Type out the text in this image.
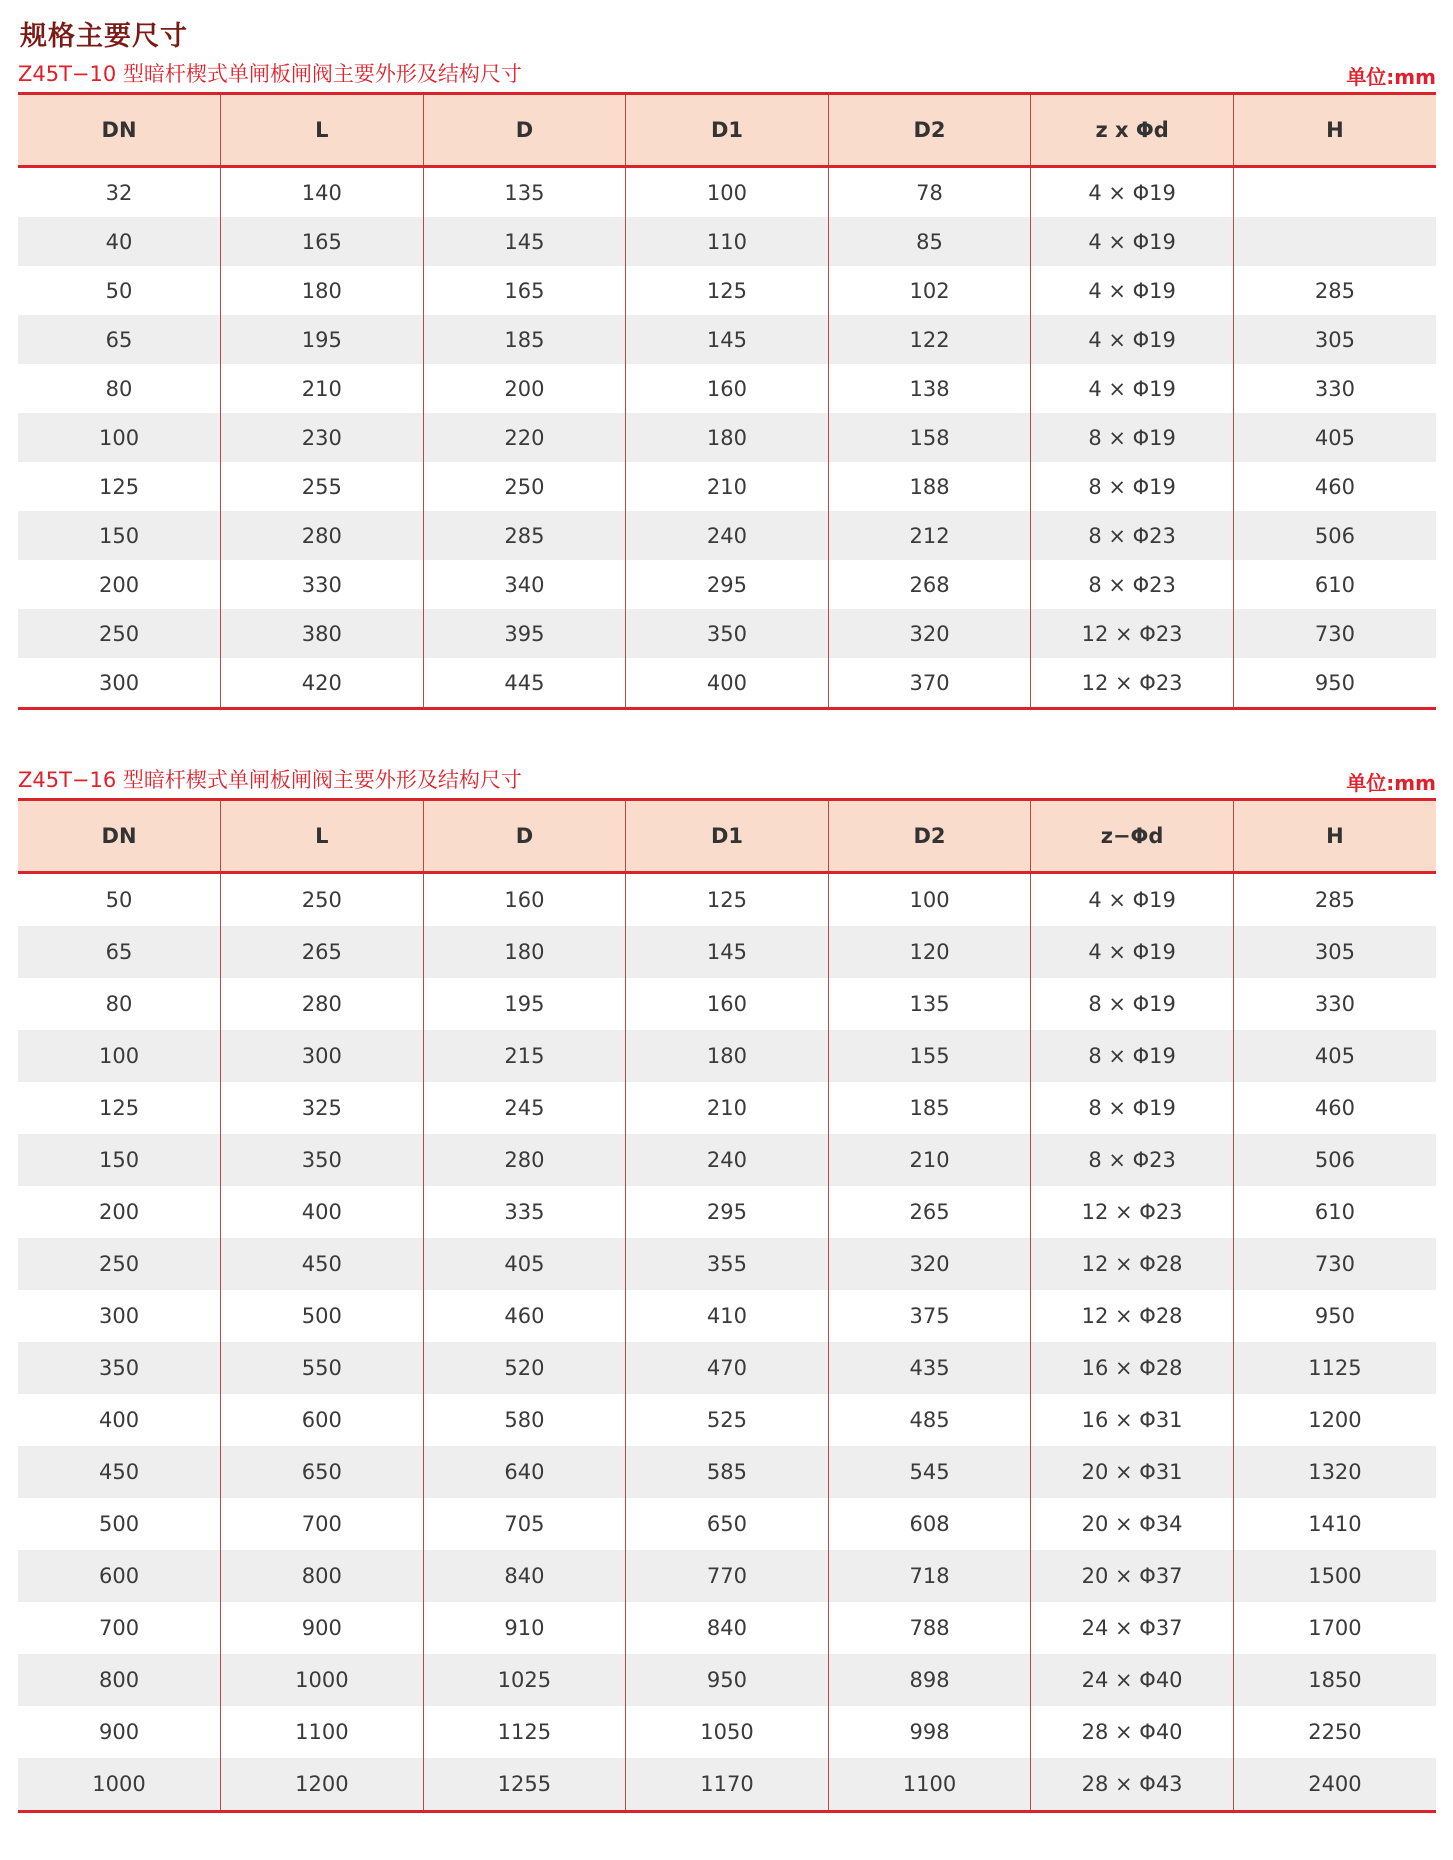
规格主要尺寸
Z45T−10 型暗杆楔式单闸板闸阀主要外形及结构尺寸	单位:mm
DN	L	D	D1	D2	z x Φd	H
32	140	135	100	78	4 × Φ19	
40	165	145	110	85	4 × Φ19	
50	180	165	125	102	4 × Φ19	285
65	195	185	145	122	4 × Φ19	305
80	210	200	160	138	4 × Φ19	330
100	230	220	180	158	8 × Φ19	405
125	255	250	210	188	8 × Φ19	460
150	280	285	240	212	8 × Φ23	506
200	330	340	295	268	8 × Φ23	610
250	380	395	350	320	12 × Φ23	730
300	420	445	400	370	12 × Φ23	950
Z45T−16 型暗杆楔式单闸板闸阀主要外形及结构尺寸	单位:mm
DN	L	D	D1	D2	z−Φd	H
50	250	160	125	100	4 × Φ19	285
65	265	180	145	120	4 × Φ19	305
80	280	195	160	135	8 × Φ19	330
100	300	215	180	155	8 × Φ19	405
125	325	245	210	185	8 × Φ19	460
150	350	280	240	210	8 × Φ23	506
200	400	335	295	265	12 × Φ23	610
250	450	405	355	320	12 × Φ28	730
300	500	460	410	375	12 × Φ28	950
350	550	520	470	435	16 × Φ28	1125
400	600	580	525	485	16 × Φ31	1200
450	650	640	585	545	20 × Φ31	1320
500	700	705	650	608	20 × Φ34	1410
600	800	840	770	718	20 × Φ37	1500
700	900	910	840	788	24 × Φ37	1700
800	1000	1025	950	898	24 × Φ40	1850
900	1100	1125	1050	998	28 × Φ40	2250
1000	1200	1255	1170	1100	28 × Φ43	2400
